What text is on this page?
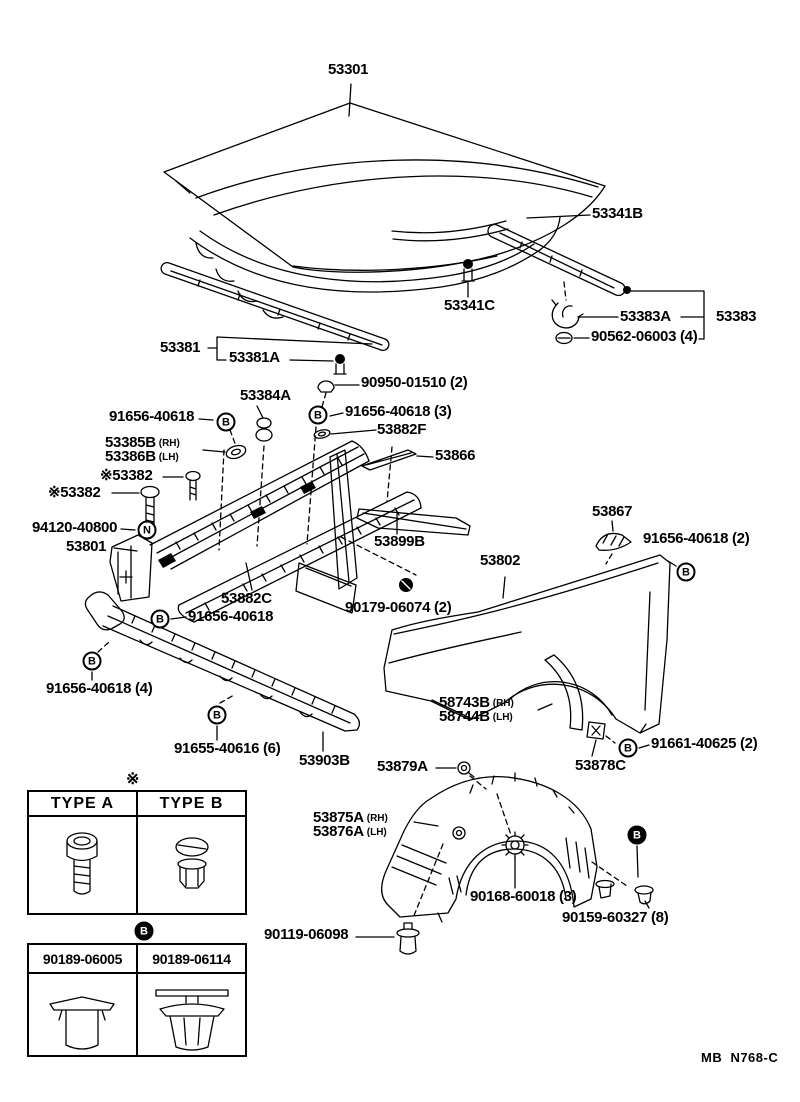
53301
53341B
53341C
53383A	53383
90562-06003 (4)
53381
53381A
90950-01510 (2)
53384A
91656-40618	91656-40618 (3)
53882F
53385B (RH)
53386B (LH)	53866
※53382
※53382
94120-40800
53801	53899B
53867
53802
91656-40618 (2)
53882C
91656-40618
90179-06074 (2)
91656-40618 (4)
91655-40616 (6)
53903B
58743B (RH)
58744B (LH)
91661-40625 (2)
53878C
53879A
53875A (RH)
53876A (LH)
90168-60018 (3)
90159-60327 (8)
90119-06098
B
B
N
B
B
B
B
B
B
B
※
TYPE A	TYPE B
90189-06005	90189-06114
MB  N768-C
